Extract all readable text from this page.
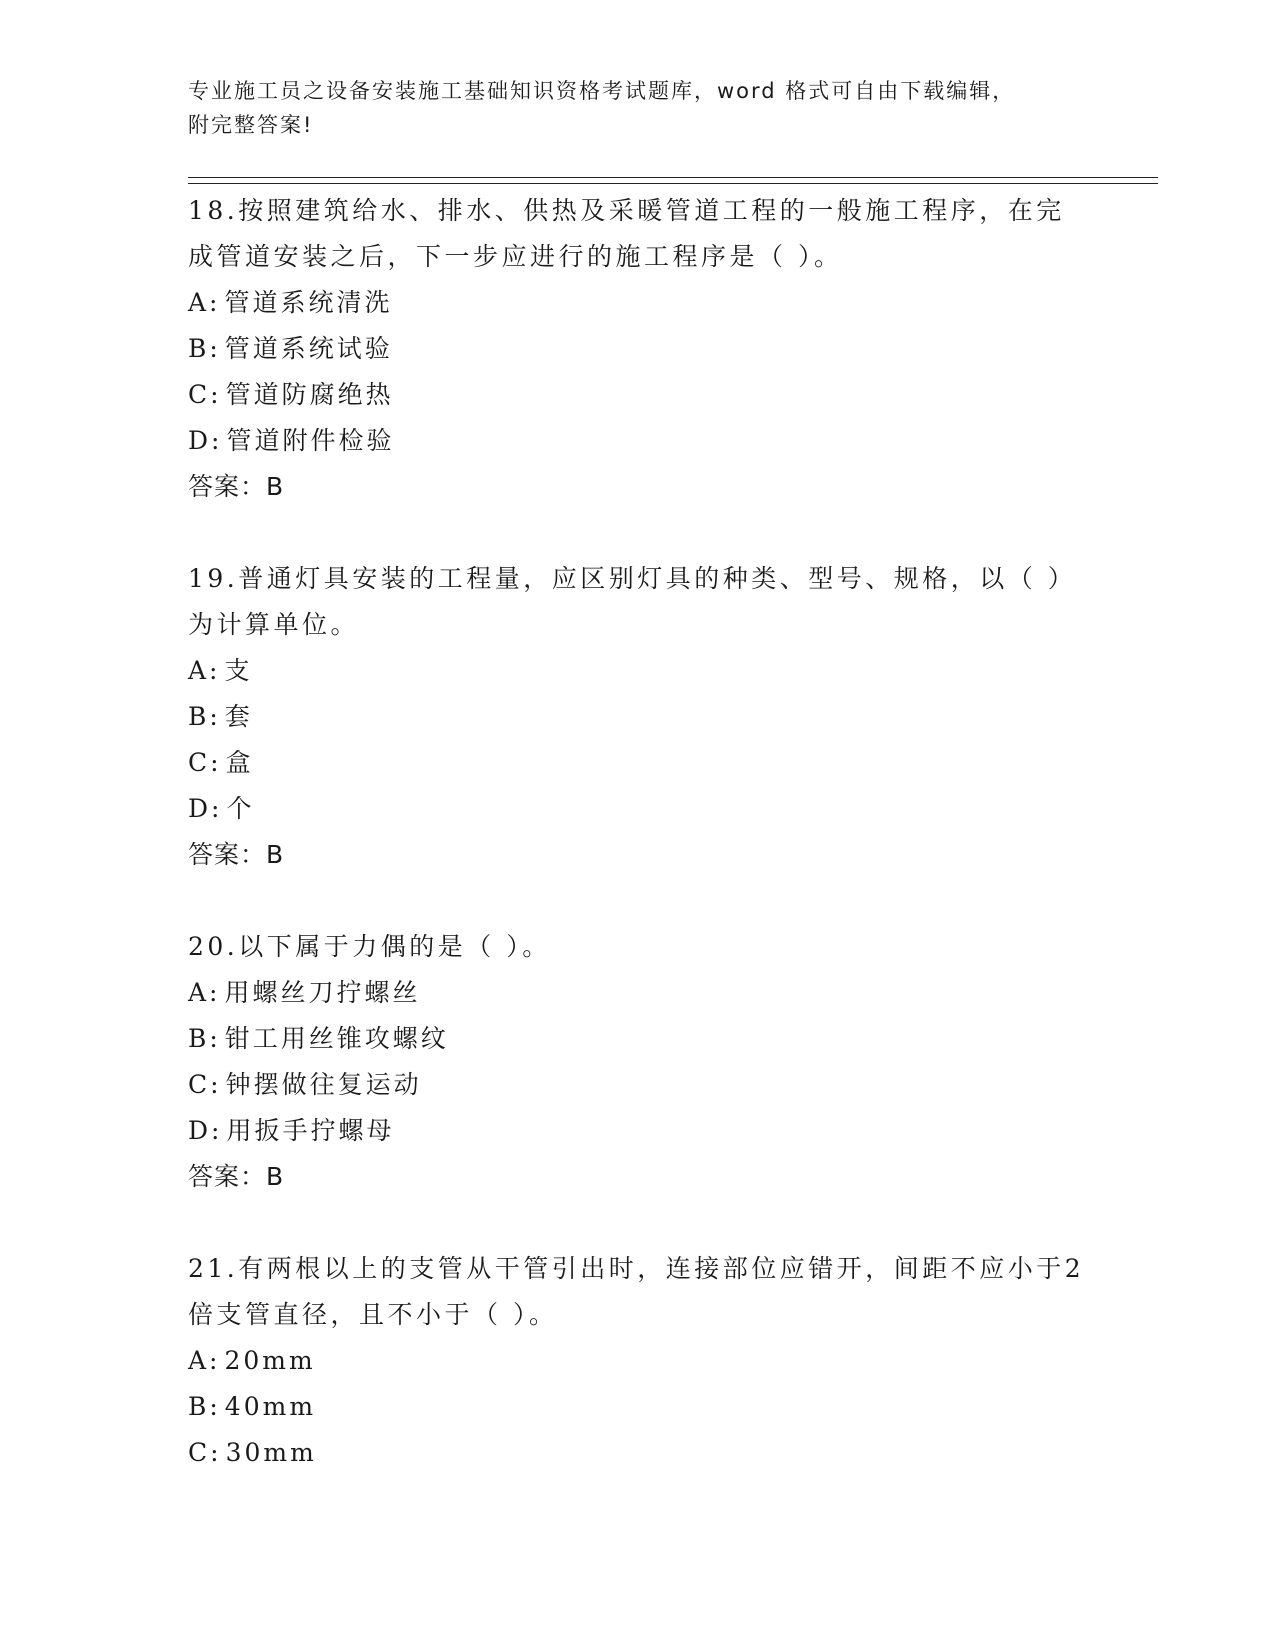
专业施工员之设备安装施工基础知识资格考试题库，word 格式可自由下载编辑，
附完整答案!
18.按照建筑给水、排水、供热及采暖管道工程的一般施工程序，在完成管道安装之后，下一步应进行的施工程序是（ ）。
A: 管道系统清洗
B: 管道系统试验
C: 管道防腐绝热
D: 管道附件检验
答案：B
19.普通灯具安装的工程量，应区别灯具的种类、型号、规格，以（ ）为计算单位。
A: 支
B: 套
C: 盒
D: 个
答案：B
20.以下属于力偶的是（ ）。
A: 用螺丝刀拧螺丝
B: 钳工用丝锥攻螺纹
C: 钟摆做往复运动
D: 用扳手拧螺母
答案：B
21.有两根以上的支管从干管引出时，连接部位应错开，间距不应小于2倍支管直径，且不小于（ ）。
A: 20mm
B: 40mm
C: 30mm
